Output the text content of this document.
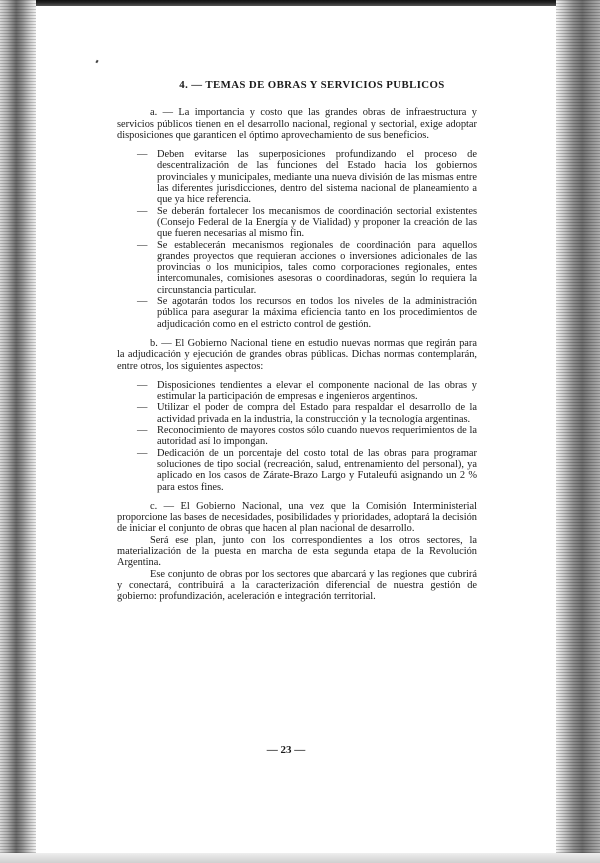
4. — TEMAS DE OBRAS Y SERVICIOS PUBLICOS

a. — La importancia y costo que las grandes obras de infraestructura y servicios públicos tienen en el desarrollo nacional, regional y sectorial, exige adoptar disposiciones que garanticen el óptimo aprovechamiento de sus beneficios.

— Deben evitarse las superposiciones profundizando el proceso de descentralización de las funciones del Estado hacia los gobiernos provinciales y municipales, mediante una nueva división de las mismas entre las diferentes jurisdicciones, dentro del sistema nacional de planeamiento a que ya hice referencia.
— Se deberán fortalecer los mecanismos de coordinación sectorial existentes (Consejo Federal de la Energía y de Vialidad) y proponer la creación de las que fueren necesarias al mismo fin.
— Se establecerán mecanismos regionales de coordinación para aquellos grandes proyectos que requieran acciones o inversiones adicionales de las provincias o los municipios, tales como corporaciones regionales, entes intercomunales, comisiones asesoras o coordinadoras, según lo requiera la circunstancia particular.
— Se agotarán todos los recursos en todos los niveles de la administración pública para asegurar la máxima eficiencia tanto en los procedimientos de adjudicación como en el estricto control de gestión.

b. — El Gobierno Nacional tiene en estudio nuevas normas que regirán para la adjudicación y ejecución de grandes obras públicas. Dichas normas contemplarán, entre otros, los siguientes aspectos:

— Disposiciones tendientes a elevar el componente nacional de las obras y estimular la participación de empresas e ingenieros argentinos.
— Utilizar el poder de compra del Estado para respaldar el desarrollo de la actividad privada en la industria, la construcción y la tecnología argentinas.
— Reconocimiento de mayores costos sólo cuando nuevos requerimientos de la autoridad así lo impongan.
— Dedicación de un porcentaje del costo total de las obras para programar soluciones de tipo social (recreación, salud, entrenamiento del personal), ya aplicado en los casos de Zárate-Brazo Largo y Futaleufú asignando un 2 % para estos fines.

c. — El Gobierno Nacional, una vez que la Comisión Interministerial proporcione las bases de necesidades, posibilidades y prioridades, adoptará la decisión de iniciar el conjunto de obras que hacen al plan nacional de desarrollo.

Será ese plan, junto con los correspondientes a los otros sectores, la materialización de la puesta en marcha de esta segunda etapa de la Revolución Argentina.

Ese conjunto de obras por los sectores que abarcará y las regiones que cubrirá y conectará, contribuirá a la caracterización diferencial de nuestra gestión de gobierno: profundización, aceleración e integración territorial.

— 23 —
